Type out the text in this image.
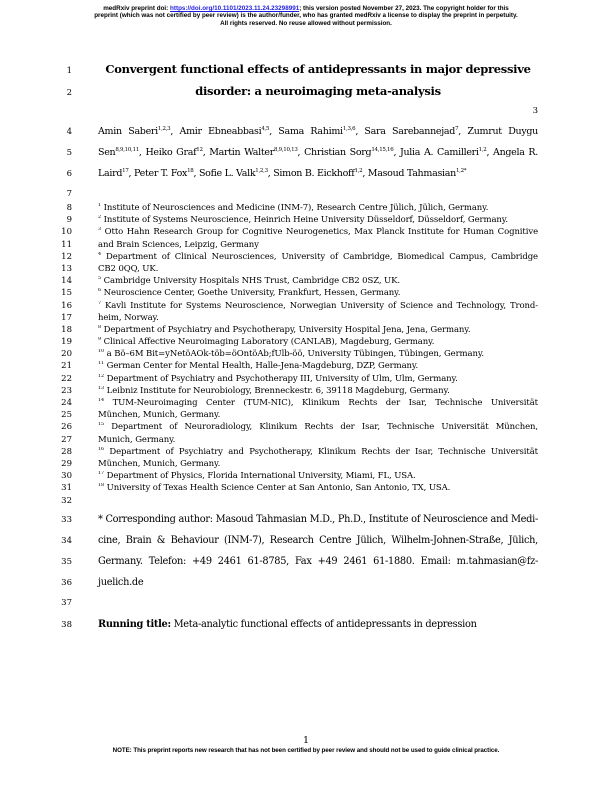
medRxiv preprint doi: https://doi.org/10.1101/2023.11.24.23298991; this version posted November 27, 2023. The copyright holder for this
preprint (which was not certified by peer review) is the author/funder, who has granted medRxiv a license to display the preprint in perpetuity.
All rights reserved. No reuse allowed without permission.
1	Convergent functional effects of antidepressants in major depressive
2	disorder: a neuroimaging meta-analysis
3
4	Amin Saberi$^{1,2,3}$, Amir Ebneabbasi$^{4,5}$, Sama Rahimi$^{1,3,6}$, Sara Sarebannejad$^7$, Zumrut Duygu
5	Sen$^{8,9,10,11}$, Heiko Graf$^{12}$, Martin Walter$^{8,9,10,13}$, Christian Sorg$^{14,15,16}$, Julia A. Camilleri$^{1,2}$, Angela R.
6	Laird$^{17}$, Peter T. Fox$^{18}$, Sofie L. Valk$^{1,2,3}$, Simon B. Eickhoff$^{1,2}$, Masoud Tahmasian$^{1,2*}$
7
8	$^1$ Institute of Neurosciences and Medicine (INM-7), Research Centre Jülich, Jülich, Germany.
9	$^2$ Institute of Systems Neuroscience, Heinrich Heine University Düsseldorf, Düsseldorf, Germany.
10	$^3$ Otto Hahn Research Group for Cognitive Neurogenetics, Max Planck Institute for Human Cognitive
11	and Brain Sciences, Leipzig, Germany
12	$^4$ Department of Clinical Neurosciences, University of Cambridge, Biomedical Campus, Cambridge
13	CB2 0QQ, UK.
14	$^5$ Cambridge University Hospitals NHS Trust, Cambridge CB2 0SZ, UK.
15	$^6$ Neuroscience Center, Goethe University, Frankfurt, Hessen, Germany.
16	$^7$ Kavli Institute for Systems Neuroscience, Norwegian University of Science and Technology, Trond-
17	heim, Norway.
18	$^8$ Department of Psychiatry and Psychotherapy, University Hospital Jena, Jena, Germany.
19	$^9$ Clinical Affective Neuroimaging Laboratory (CANLAB), Magdeburg, Germany.
20	$^{10}$ a Bö–6M Bit=yNetöÄOk-töb=öOntöÄb;fÜlb-öö, University Tübingen, Tübingen, Germany.
21	$^{11}$ German Center for Mental Health, Halle-Jena-Magdeburg, DZP, Germany.
22	$^{12}$ Department of Psychiatry and Psychotherapy III, University of Ulm, Ulm, Germany.
23	$^{13}$ Leibniz Institute for Neurobiology, Brenneckestr. 6, 39118 Magdeburg, Germany.
24	$^{14}$ TUM-Neuroimaging Center (TUM-NIC), Klinikum Rechts der Isar, Technische Universität
25	München, Munich, Germany.
26	$^{15}$ Department of Neuroradiology, Klinikum Rechts der Isar, Technische Universität München,
27	Munich, Germany.
28	$^{16}$ Department of Psychiatry and Psychotherapy, Klinikum Rechts der Isar, Technische Universität
29	München, Munich, Germany.
30	$^{17}$ Department of Physics, Florida International University, Miami, FL, USA.
31	$^{18}$ University of Texas Health Science Center at San Antonio, San Antonio, TX, USA.
32
33	* Corresponding author: Masoud Tahmasian M.D., Ph.D., Institute of Neuroscience and Medi-
34	cine, Brain & Behaviour (INM-7), Research Centre Jülich, Wilhelm-Johnen-Straße, Jülich,
35	Germany. Telefon: +49 2461 61-8785, Fax +49 2461 61-1880. Email: m.tahmasian@fz-
36	juelich.de
37
38	Running title: Meta-analytic functional effects of antidepressants in depression
1
NOTE: This preprint reports new research that has not been certified by peer review and should not be used to guide clinical practice.
